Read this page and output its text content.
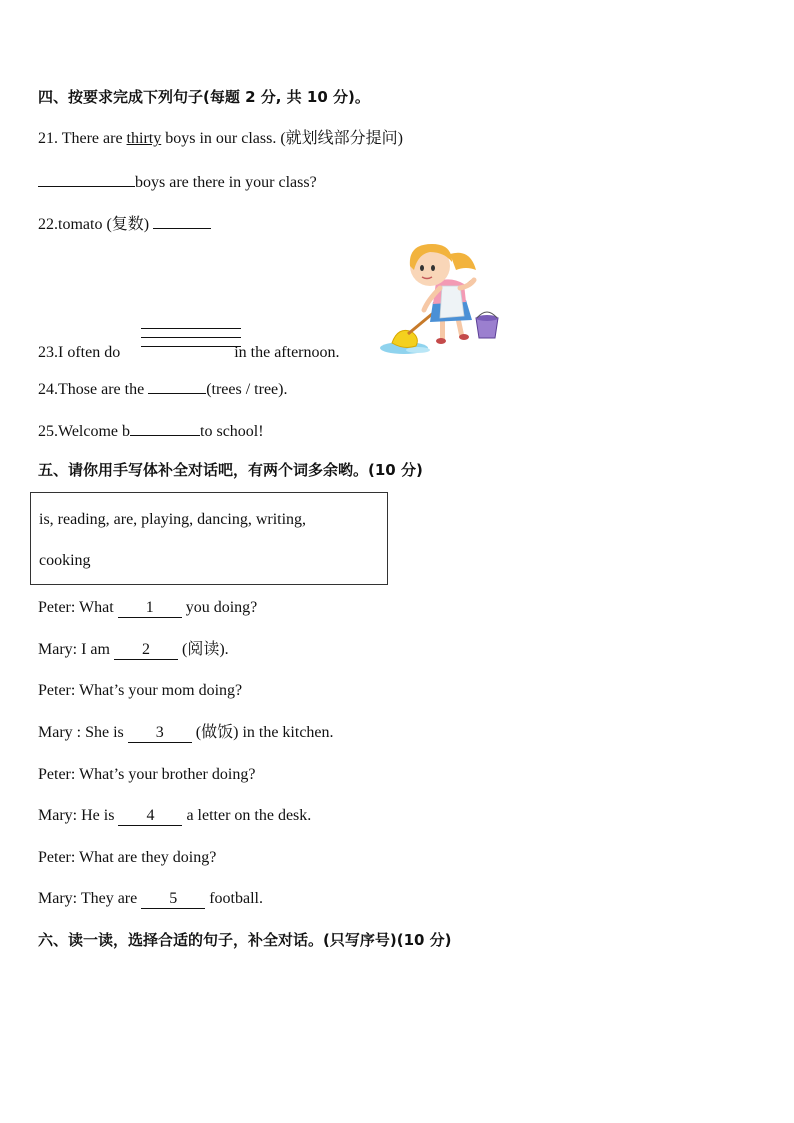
四、按要求完成下列句子(每题 2 分, 共 10 分)。
21. There are thirty boys in our class. (就划线部分提问)
boys are there in your class?
22.tomato (复数)
23.I often do	in the afternoon.
24.Those are the	(trees / tree).
25.Welcome b	to school!
五、请你用手写体补全对话吧，有两个词多余哟。(10 分)
is, reading, are, playing, dancing, writing,
cooking
Peter: What 1 you doing?
Mary: I am 2 (阅读).
Peter: What’s your mom doing?
Mary : She is 3 (做饭) in the kitchen.
Peter: What’s your brother doing?
Mary: He is 4 a letter on the desk.
Peter: What are they doing?
Mary: They are 5 football.
六、读一读，选择合适的句子，补全对话。(只写序号)(10 分)
